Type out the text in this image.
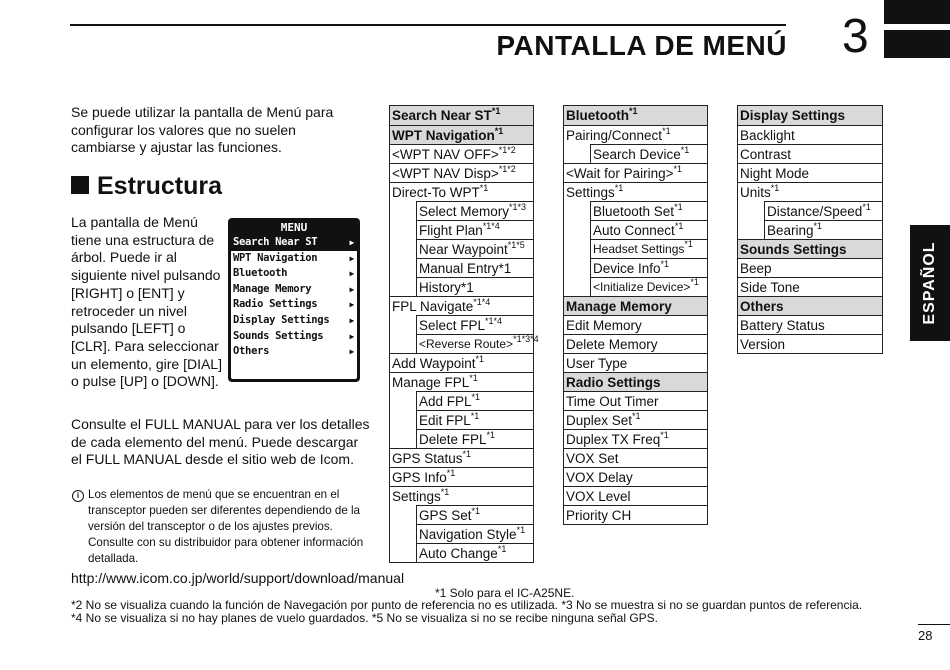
PANTALLA DE MENÚ 3
ESPAÑOL
Se puede utilizar la pantalla de Menú para configurar los valores que no suelen cambiarse y ajustar las funciones.
Estructura
La pantalla de Menú tiene una estructura de árbol. Puede ir al siguiente nivel pulsando [RIGHT] o [ENT] y retroceder un nivel pulsando [LEFT] o [CLR]. Para seleccionar un elemento, gire [DIAL] o pulse [UP] o [DOWN].
MENU
Search Near ST	▶
WPT Navigation	▶
Bluetooth	▶
Manage Memory	▶
Radio Settings	▶
Display Settings	▶
Sounds Settings	▶
Others	▶
Consulte el FULL MANUAL para ver los detalles de cada elemento del menú. Puede descargar el FULL MANUAL desde el sitio web de Icom.
i Los elementos de menú que se encuentran en el transceptor pueden ser diferentes dependiendo de la versión del transceptor o de los ajustes previos. Consulte con su distribuidor para obtener información detallada.
http://www.icom.co.jp/world/support/download/manual
Search Near ST$^{*1}$
WPT Navigation$^{*1}$
<WPT NAV OFF>$^{*1*2}$
<WPT NAV Disp>$^{*1*2}$
Direct-To WPT$^{*1}$
Select Memory$^{*1*3}$
Flight Plan$^{*1*4}$
Near Waypoint$^{*1*5}$
Manual Entry*1
History*1
FPL Navigate$^{*1*4}$
Select $FPL^{*1*4}$
<Reverse Route>$^{*1*3*4}$
Add Waypoint$^{*1}$
Manage FPL$^{*1}$
Add FPL$^{*1}$
Edit FPL$^{*1}$
Delete FPL$^{*1}$
GPS Status$^{*1}$
GPS Info$^{*1}$
Settings$^{*1}$
GPS Set$^{*1}$
Navigation Style$^{*1}$
Auto Change$^{*1}$
Bluetooth$^{*1}$
Pairing/Connect$^{*1}$
Search Device$^{*1}$
<Wait for Pairing>$^{*1}$
Settings$^{*1}$
Bluetooth Set$^{*1}$
Auto Connect$^{*1}$
Headset Settings$^{*1}$
Device Info$^{*1}$
<Initialize Device>$^{*1}$
Manage Memory
Edit Memory
Delete Memory
User Type
Radio Settings
Time Out Timer
Duplex Set$^{*1}$
Duplex TX Freq$^{*1}$
VOX Set
VOX Delay
VOX Level
Priority CH
Display Settings
Backlight
Contrast
Night Mode
Units$^{*1}$
Distance/Speed$^{*1}$
Bearing$^{*1}$
Sounds Settings
Beep
Side Tone
Others
Battery Status
Version
*1 Solo para el IC-A25NE.
*2 No se visualiza cuando la función de Navegación por punto de referencia no es utilizada. *3 No se muestra si no se guardan puntos de referencia.
*4 No se visualiza si no hay planes de vuelo guardados. *5 No se visualiza si no se recibe ninguna señal GPS.
28
